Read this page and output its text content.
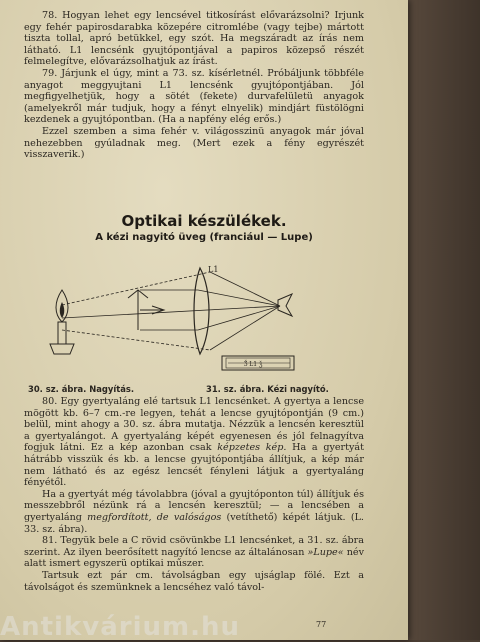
78. Hogyan lehet egy lencsével titkosírást elővarázsolni? Irjunk egy fehér papirosdarabka közepére citromlébe (vagy tejbe) mártott tiszta tollal, apró betükkel, egy szót. Ha megszáradt az írás nem látható. L1 lencsénk gyujtópontjával a papiros közepső részét felmelegítve, elővarázsolhatjuk az írást.

79. Járjunk el úgy, mint a 73. sz. kísérletnél. Próbáljunk többféle anyagot meggyujtani L1 lencsénk gyujtópontjában. Jól megfigyelhetjük, hogy a sötét (fekete) durvafelületü anyagok (amelyekről már tudjuk, hogy a fényt elnyelik) mindjárt füstölögni kezdenek a gyujtópontban. (Ha a napfény elég erős.)

Ezzel szemben a sima fehér v. világosszinü anyagok már jóval nehezebben gyúladnak meg. (Mert ezek a fény egyrészét visszaverik.)

Optikai készülékek.
A kézi nagyitó üveg (franciául — Lupe)
L1
Ǯ L1 ǯ
30. sz. ábra. Nagyítás.	31. sz. ábra. Kézi nagyító.

80. Egy gyertyaláng elé tartsuk L1 lencsénket. A gyertya a lencse mögött kb. 6–7 cm.-re legyen, tehát a lencse gyujtópontján (9 cm.) belül, mint ahogy a 30. sz. ábra mutatja. Nézzük a lencsén keresztül a gyertyalángot. A gyertyaláng képét egyenesen és jól felnagyítva fogjuk látni. Ez a kép azonban csak képzetes kép. Ha a gyertyát hátrább visszük és kb. a lencse gyujtópontjába állítjuk, a kép már nem látható és az egész lencsét fényleni látjuk a gyertyaláng fényétől.

Ha a gyertyát még távolabbra (jóval a gyujtóponton túl) állítjuk és messzebbről nézünk rá a lencsén keresztül; — a lencsében a gyertyaláng megfordított, de valóságos (vetíthető) képét látjuk. (L. 33. sz. ábra).

81. Tegyük bele a C rövid csövünkbe L1 lencsénket, a 31. sz. ábra szerint. Az ilyen beerősített nagyító lencse az általánosan »Lupe« név alatt ismert egyszerü optikai műszer.

Tartsuk ezt pár cm. távolságban egy ujságlap fölé. Ezt a távolságot és szemünknek a lencséhez való távol-

77
Antikvárium.hu
